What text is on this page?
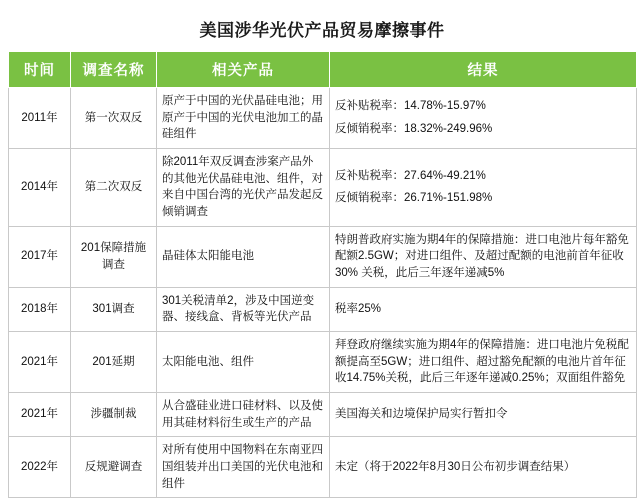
美国涉华光伏产品贸易摩擦事件
时间	调查名称	相关产品	结果
2011年	第一次双反	原产于中国的光伏晶硅电池；用原产于中国的光伏电池加工的晶硅组件	反补贴税率：14.78%-15.97%
反倾销税率：18.32%-249.96%

2014年	第二次双反	除2011年双反调查涉案产品外的其他光伏晶硅电池、组件，对来自中国台湾的光伏产品发起反倾销调查	反补贴税率：27.64%-49.21%
反倾销税率：26.71%-151.98%

2017年	201保障措施调查	晶硅体太阳能电池	特朗普政府实施为期4年的保障措施：进口电池片每年豁免配额2.5GW；对进口组件、及超过配额的电池前首年征收30% 关税，此后三年逐年递减5%

2018年	301调查	301关税清单2，涉及中国逆变器、接线盒、背板等光伏产品	税率25%

2021年	201延期	太阳能电池、组件	拜登政府继续实施为期4年的保障措施：进口电池片免税配额提高至5GW；进口组件、超过豁免配额的电池片首年征收14.75%关税，此后三年逐年递减0.25%；双面组件豁免

2021年	涉疆制裁	从合盛硅业进口硅材料、以及使用其硅材料衍生或生产的产品	美国海关和边境保护局实行暂扣令

2022年	反规避调查	对所有使用中国物料在东南亚四国组装并出口美国的光伏电池和组件	未定（将于2022年8月30日公布初步调查结果）
